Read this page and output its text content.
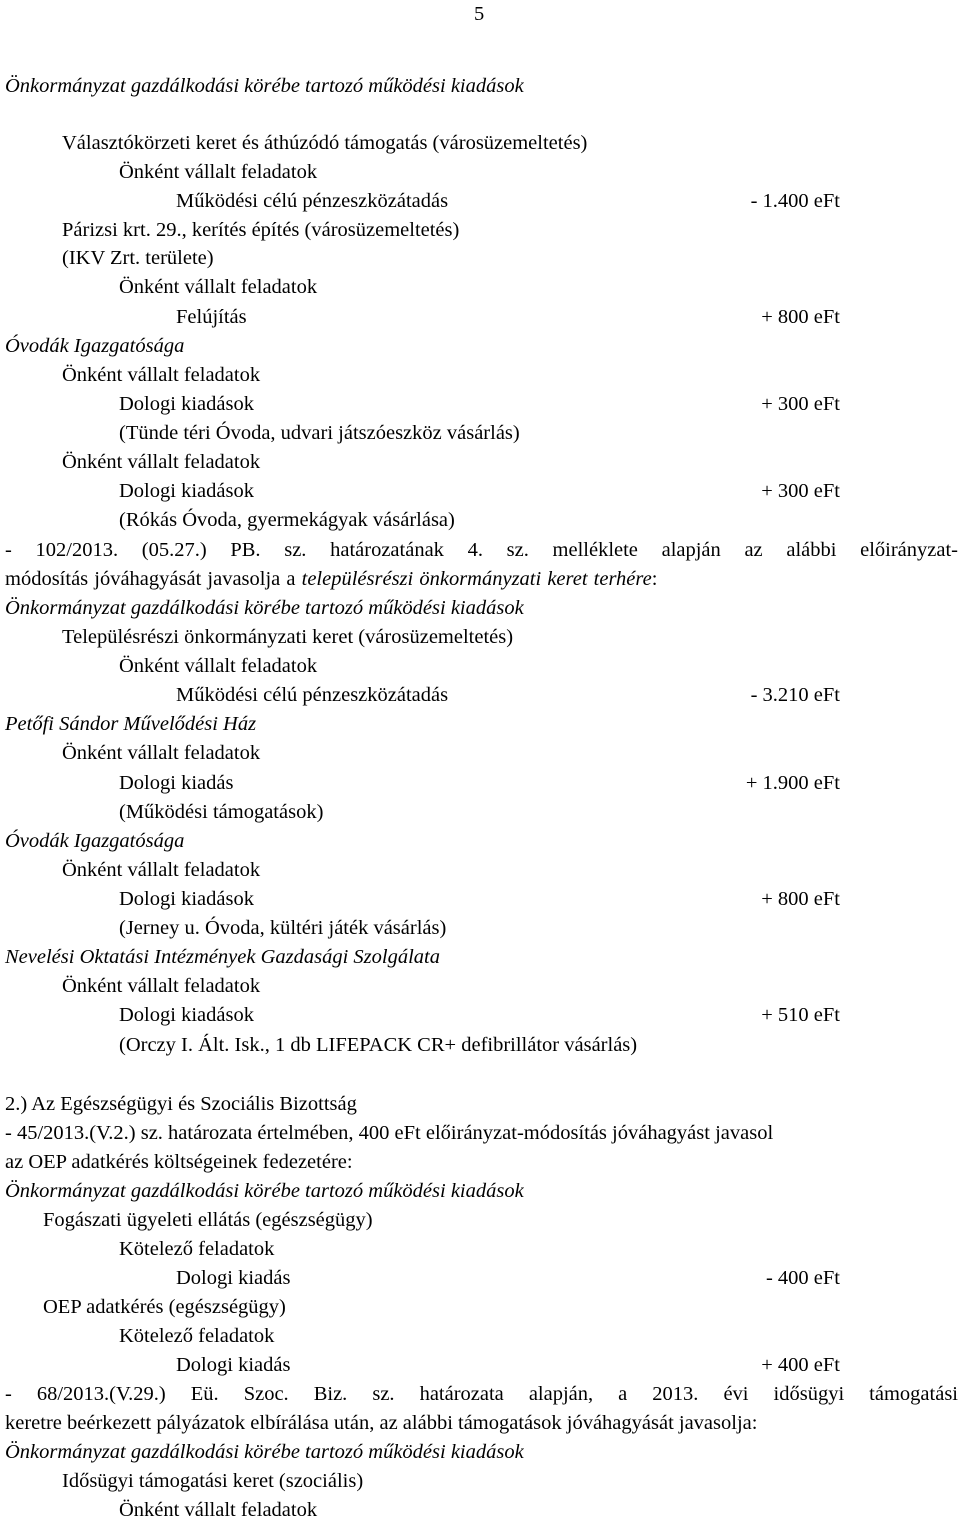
5
Önkormányzat gazdálkodási körébe tartozó működési kiadások
Választókörzeti keret és áthúzódó támogatás (városüzemeltetés)
Önként vállalt feladatok
Működési célú pénzeszközátadás	- 1.400 eFt
Párizsi krt. 29., kerítés építés (városüzemeltetés)
(IKV Zrt. területe)
Önként vállalt feladatok
Felújítás	+ 800 eFt
Óvodák Igazgatósága
Önként vállalt feladatok
Dologi kiadások	+ 300 eFt
(Tünde téri Óvoda, udvari játszóeszköz vásárlás)
Önként vállalt feladatok
Dologi kiadások	+ 300 eFt
(Rókás Óvoda, gyermekágyak vásárlása)
- 102/2013. (05.27.) PB. sz. határozatának 4. sz. melléklete alapján az alábbi előirányzat-
módosítás jóváhagyását javasolja a településrészi önkormányzati keret terhére:
Önkormányzat gazdálkodási körébe tartozó működési kiadások
Településrészi önkormányzati keret (városüzemeltetés)
Önként vállalt feladatok
Működési célú pénzeszközátadás	- 3.210 eFt
Petőfi Sándor Művelődési Ház
Önként vállalt feladatok
Dologi kiadás	+ 1.900 eFt
(Működési támogatások)
Óvodák Igazgatósága
Önként vállalt feladatok
Dologi kiadások	+ 800 eFt
(Jerney u. Óvoda, kültéri játék vásárlás)
Nevelési Oktatási Intézmények Gazdasági Szolgálata
Önként vállalt feladatok
Dologi kiadások	+ 510 eFt
(Orczy I. Ált. Isk., 1 db LIFEPACK CR+ defibrillátor vásárlás)
2.) Az Egészségügyi és Szociális Bizottság
- 45/2013.(V.2.) sz. határozata értelmében, 400 eFt előirányzat-módosítás jóváhagyást javasol
az OEP adatkérés költségeinek fedezetére:
Önkormányzat gazdálkodási körébe tartozó működési kiadások
Fogászati ügyeleti ellátás (egészségügy)
Kötelező feladatok
Dologi kiadás	- 400 eFt
OEP adatkérés (egészségügy)
Kötelező feladatok
Dologi kiadás	+ 400 eFt
- 68/2013.(V.29.) Eü. Szoc. Biz. sz. határozata alapján, a 2013. évi idősügyi támogatási
keretre beérkezett pályázatok elbírálása után, az alábbi támogatások jóváhagyását javasolja:
Önkormányzat gazdálkodási körébe tartozó működési kiadások
Idősügyi támogatási keret (szociális)
Önként vállalt feladatok
